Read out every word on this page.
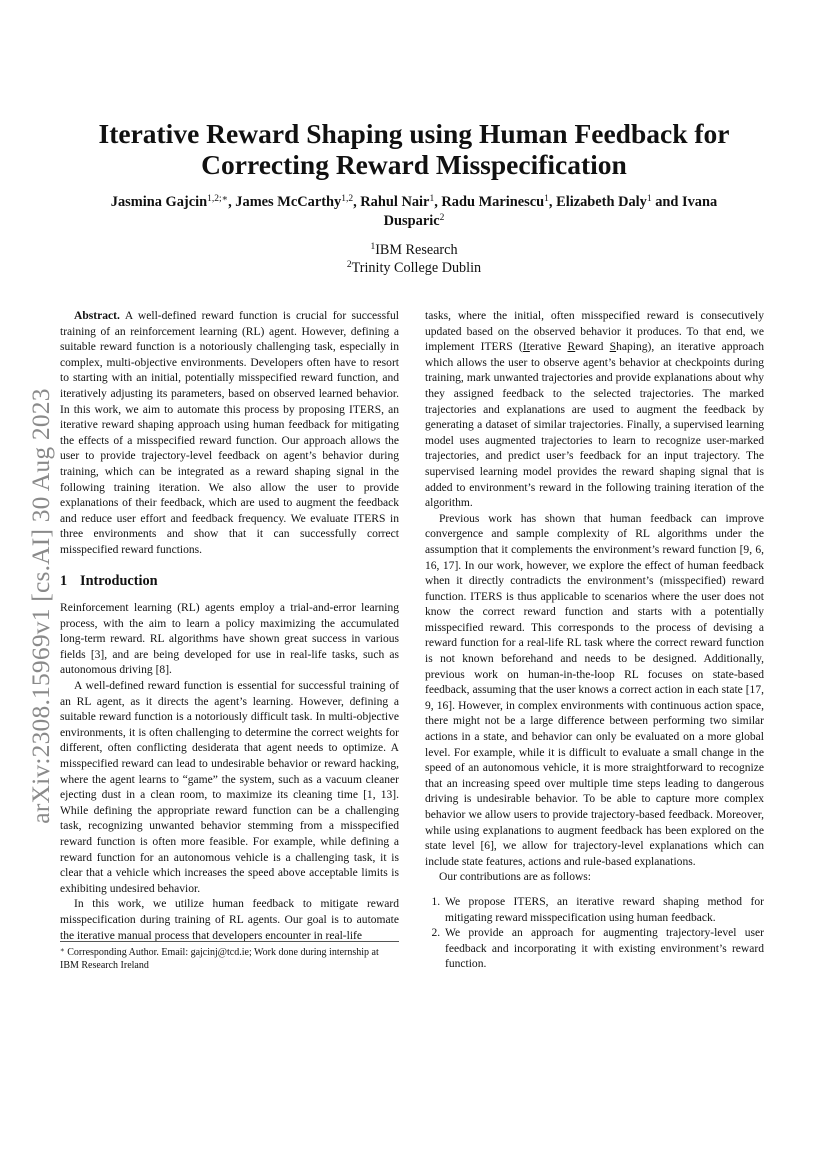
arXiv:2308.15969v1 [cs.AI] 30 Aug 2023
Iterative Reward Shaping using Human Feedback for Correcting Reward Misspecification
Jasmina Gajcin$^{1,2;∗}$, James McCarthy$^{1,2}$, Rahul Nair$^1$, Radu Marinescu$^1$, Elizabeth Daly$^1$ and Ivana Dusparic$^2$
$^1$IBM Research
$^2$Trinity College Dublin

Abstract. A well-defined reward function is crucial for successful training of an reinforcement learning (RL) agent. However, defining a suitable reward function is a notoriously challenging task, especially in complex, multi-objective environments. Developers often have to resort to starting with an initial, potentially misspecified reward function, and iteratively adjusting its parameters, based on observed learned behavior. In this work, we aim to automate this process by proposing ITERS, an iterative reward shaping approach using human feedback for mitigating the effects of a misspecified reward function. Our approach allows the user to provide trajectory-level feedback on agent’s behavior during training, which can be integrated as a reward shaping signal in the following training iteration. We also allow the user to provide explanations of their feedback, which are used to augment the feedback and reduce user effort and feedback frequency. We evaluate ITERS in three environments and show that it can successfully correct misspecified reward functions.

1 Introduction

Reinforcement learning (RL) agents employ a trial-and-error learning process, with the aim to learn a policy maximizing the accumulated long-term reward. RL algorithms have shown great success in various fields [3], and are being developed for use in real-life tasks, such as autonomous driving [8].

A well-defined reward function is essential for successful training of an RL agent, as it directs the agent’s learning. However, defining a suitable reward function is a notoriously difficult task. In multi-objective environments, it is often challenging to determine the correct weights for different, often conflicting desiderata that agent needs to optimize. A misspecified reward can lead to undesirable behavior or reward hacking, where the agent learns to “game” the system, such as a vacuum cleaner ejecting dust in a clean room, to maximize its cleaning time [1, 13]. While defining the appropriate reward function can be a challenging task, recognizing unwanted behavior stemming from a misspecified reward function is often more feasible. For example, while defining a reward function for an autonomous vehicle is a challenging task, it is clear that a vehicle which increases the speed above acceptable limits is exhibiting undesired behavior.

In this work, we utilize human feedback to mitigate reward misspecification during training of RL agents. Our goal is to automate the iterative manual process that developers encounter in real-life

∗ Corresponding Author. Email: gajcinj@tcd.ie; Work done during internship at IBM Research Ireland

tasks, where the initial, often misspecified reward is consecutively updated based on the observed behavior it produces. To that end, we implement ITERS (Iterative Reward Shaping), an iterative approach which allows the user to observe agent’s behavior at checkpoints during training, mark unwanted trajectories and provide explanations about why they assigned feedback to the selected trajectories. The marked trajectories and explanations are used to augment the feedback by generating a dataset of similar trajectories. Finally, a supervised learning model uses augmented trajectories to learn to recognize user-marked trajectories, and predict user’s feedback for an input trajectory. The supervised learning model provides the reward shaping signal that is added to environment’s reward in the following training iteration of the algorithm.

Previous work has shown that human feedback can improve convergence and sample complexity of RL algorithms under the assumption that it complements the environment’s reward function [9, 6, 16, 17]. In our work, however, we explore the effect of human feedback when it directly contradicts the environment’s (misspecified) reward function. ITERS is thus applicable to scenarios where the user does not know the correct reward function and starts with a potentially misspecified reward. This corresponds to the process of devising a reward function for a real-life RL task where the correct reward function is not known beforehand and needs to be designed. Additionally, previous work on human-in-the-loop RL focuses on state-based feedback, assuming that the user knows a correct action in each state [17, 9, 16]. However, in complex environments with continuous action space, there might not be a large difference between performing two similar actions in a state, and behavior can only be evaluated on a more global level. For example, while it is difficult to evaluate a small change in the speed of an autonomous vehicle, it is more straightforward to recognize that an increasing speed over multiple time steps leading to dangerous driving is undesirable behavior. To be able to capture more complex behavior we allow users to provide trajectory-based feedback. Moreover, while using explanations to augment feedback has been explored on the state level [6], we allow for trajectory-level explanations which can include state features, actions and rule-based explanations.

Our contributions are as follows:

1. We propose ITERS, an iterative reward shaping method for mitigating reward misspecification using human feedback.
2. We provide an approach for augmenting trajectory-level user feedback and incorporating it with existing environment’s reward function.
